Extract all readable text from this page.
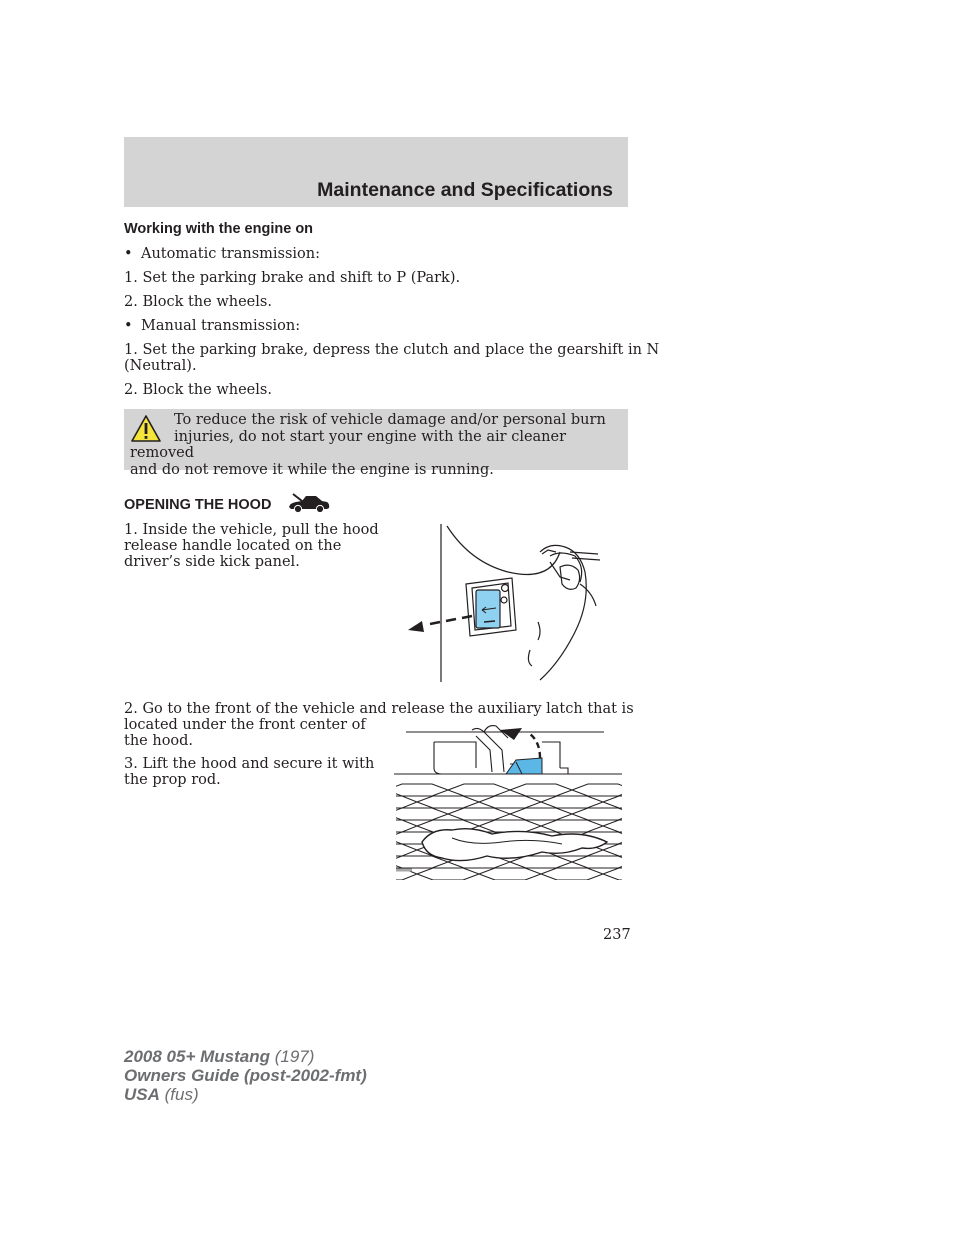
Maintenance and Specifications
Working with the engine on
• Automatic transmission:
1. Set the parking brake and shift to P (Park).
2. Block the wheels.
• Manual transmission:
1. Set the parking brake, depress the clutch and place the gearshift in N
(Neutral).
2. Block the wheels.
To reduce the risk of vehicle damage and/or personal burn
injuries, do not start your engine with the air cleaner removed
and do not remove it while the engine is running.
OPENING THE HOOD
1. Inside the vehicle, pull the hood
release handle located on the
driver’s side kick panel.
2. Go to the front of the vehicle and release the auxiliary latch that is
located under the front center of
the hood.
3. Lift the hood and secure it with
the prop rod.
237
2008 05+ Mustang (197)
Owners Guide (post-2002-fmt)
USA (fus)
